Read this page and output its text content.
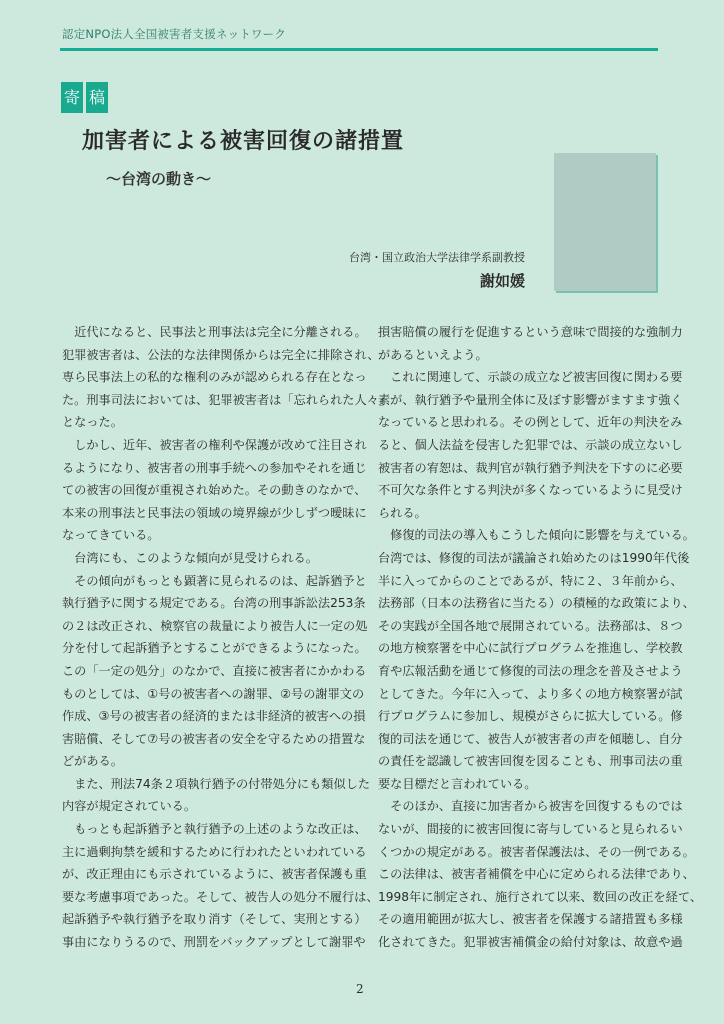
認定NPO法人全国被害者支援ネットワーク
寄 稿
加害者による被害回復の諸措置
～台湾の動き～
台湾・国立政治大学法律学系副教授
謝如媛
　近代になると、民事法と刑事法は完全に分離される。
犯罪被害者は、公法的な法律関係からは完全に排除され、
専ら民事法上の私的な権利のみが認められる存在となっ
た。刑事司法においては、犯罪被害者は「忘れられた人々」
となった。
　しかし、近年、被害者の権利や保護が改めて注目され
るようになり、被害者の刑事手続への参加やそれを通じ
ての被害の回復が重視され始めた。その動きのなかで、
本来の刑事法と民事法の領域の境界線が少しずつ曖昧に
なってきている。
　台湾にも、このような傾向が見受けられる。
　その傾向がもっとも顕著に見られるのは、起訴猶予と
執行猶予に関する規定である。台湾の刑事訴訟法253条
の２は改正され、検察官の裁量により被告人に一定の処
分を付して起訴猶予とすることができるようになった。
この「一定の処分」のなかで、直接に被害者にかかわる
ものとしては、①号の被害者への謝罪、②号の謝罪文の
作成、③号の被害者の経済的または非経済的被害への損
害賠償、そして⑦号の被害者の安全を守るための措置な
どがある。
　また、刑法74条２項執行猶予の付帯処分にも類似した
内容が規定されている。
　もっとも起訴猶予と執行猶予の上述のような改正は、
主に過剰拘禁を緩和するために行われたといわれている
が、改正理由にも示されているように、被害者保護も重
要な考慮事項であった。そして、被告人の処分不履行は、
起訴猶予や執行猶予を取り消す（そして、実刑とする）
事由になりうるので、刑罰をバックアップとして謝罪や
損害賠償の履行を促進するという意味で間接的な強制力
があるといえよう。
　これに関連して、示談の成立など被害回復に関わる要
素が、執行猶予や量刑全体に及ぼす影響がますます強く
なっていると思われる。その例として、近年の判決をみ
ると、個人法益を侵害した犯罪では、示談の成立ないし
被害者の宥恕は、裁判官が執行猶予判決を下すのに必要
不可欠な条件とする判決が多くなっているように見受け
られる。
　修復的司法の導入もこうした傾向に影響を与えている。
台湾では、修復的司法が議論され始めたのは1990年代後
半に入ってからのことであるが、特に２、３年前から、
法務部（日本の法務省に当たる）の積極的な政策により、
その実践が全国各地で展開されている。法務部は、８つ
の地方検察署を中心に試行プログラムを推進し、学校教
育や広報活動を通じて修復的司法の理念を普及させよう
としてきた。今年に入って、より多くの地方検察署が試
行プログラムに参加し、規模がさらに拡大している。修
復的司法を通じて、被告人が被害者の声を傾聴し、自分
の責任を認識して被害回復を図ることも、刑事司法の重
要な目標だと言われている。
　そのほか、直接に加害者から被害を回復するものでは
ないが、間接的に被害回復に寄与していると見られるい
くつかの規定がある。被害者保護法は、その一例である。
この法律は、被害者補償を中心に定められる法律であり、
1998年に制定され、施行されて以来、数回の改正を経て、
その適用範囲が拡大し、被害者を保護する諸措置も多様
化されてきた。犯罪被害補償金の給付対象は、故意や過
2
